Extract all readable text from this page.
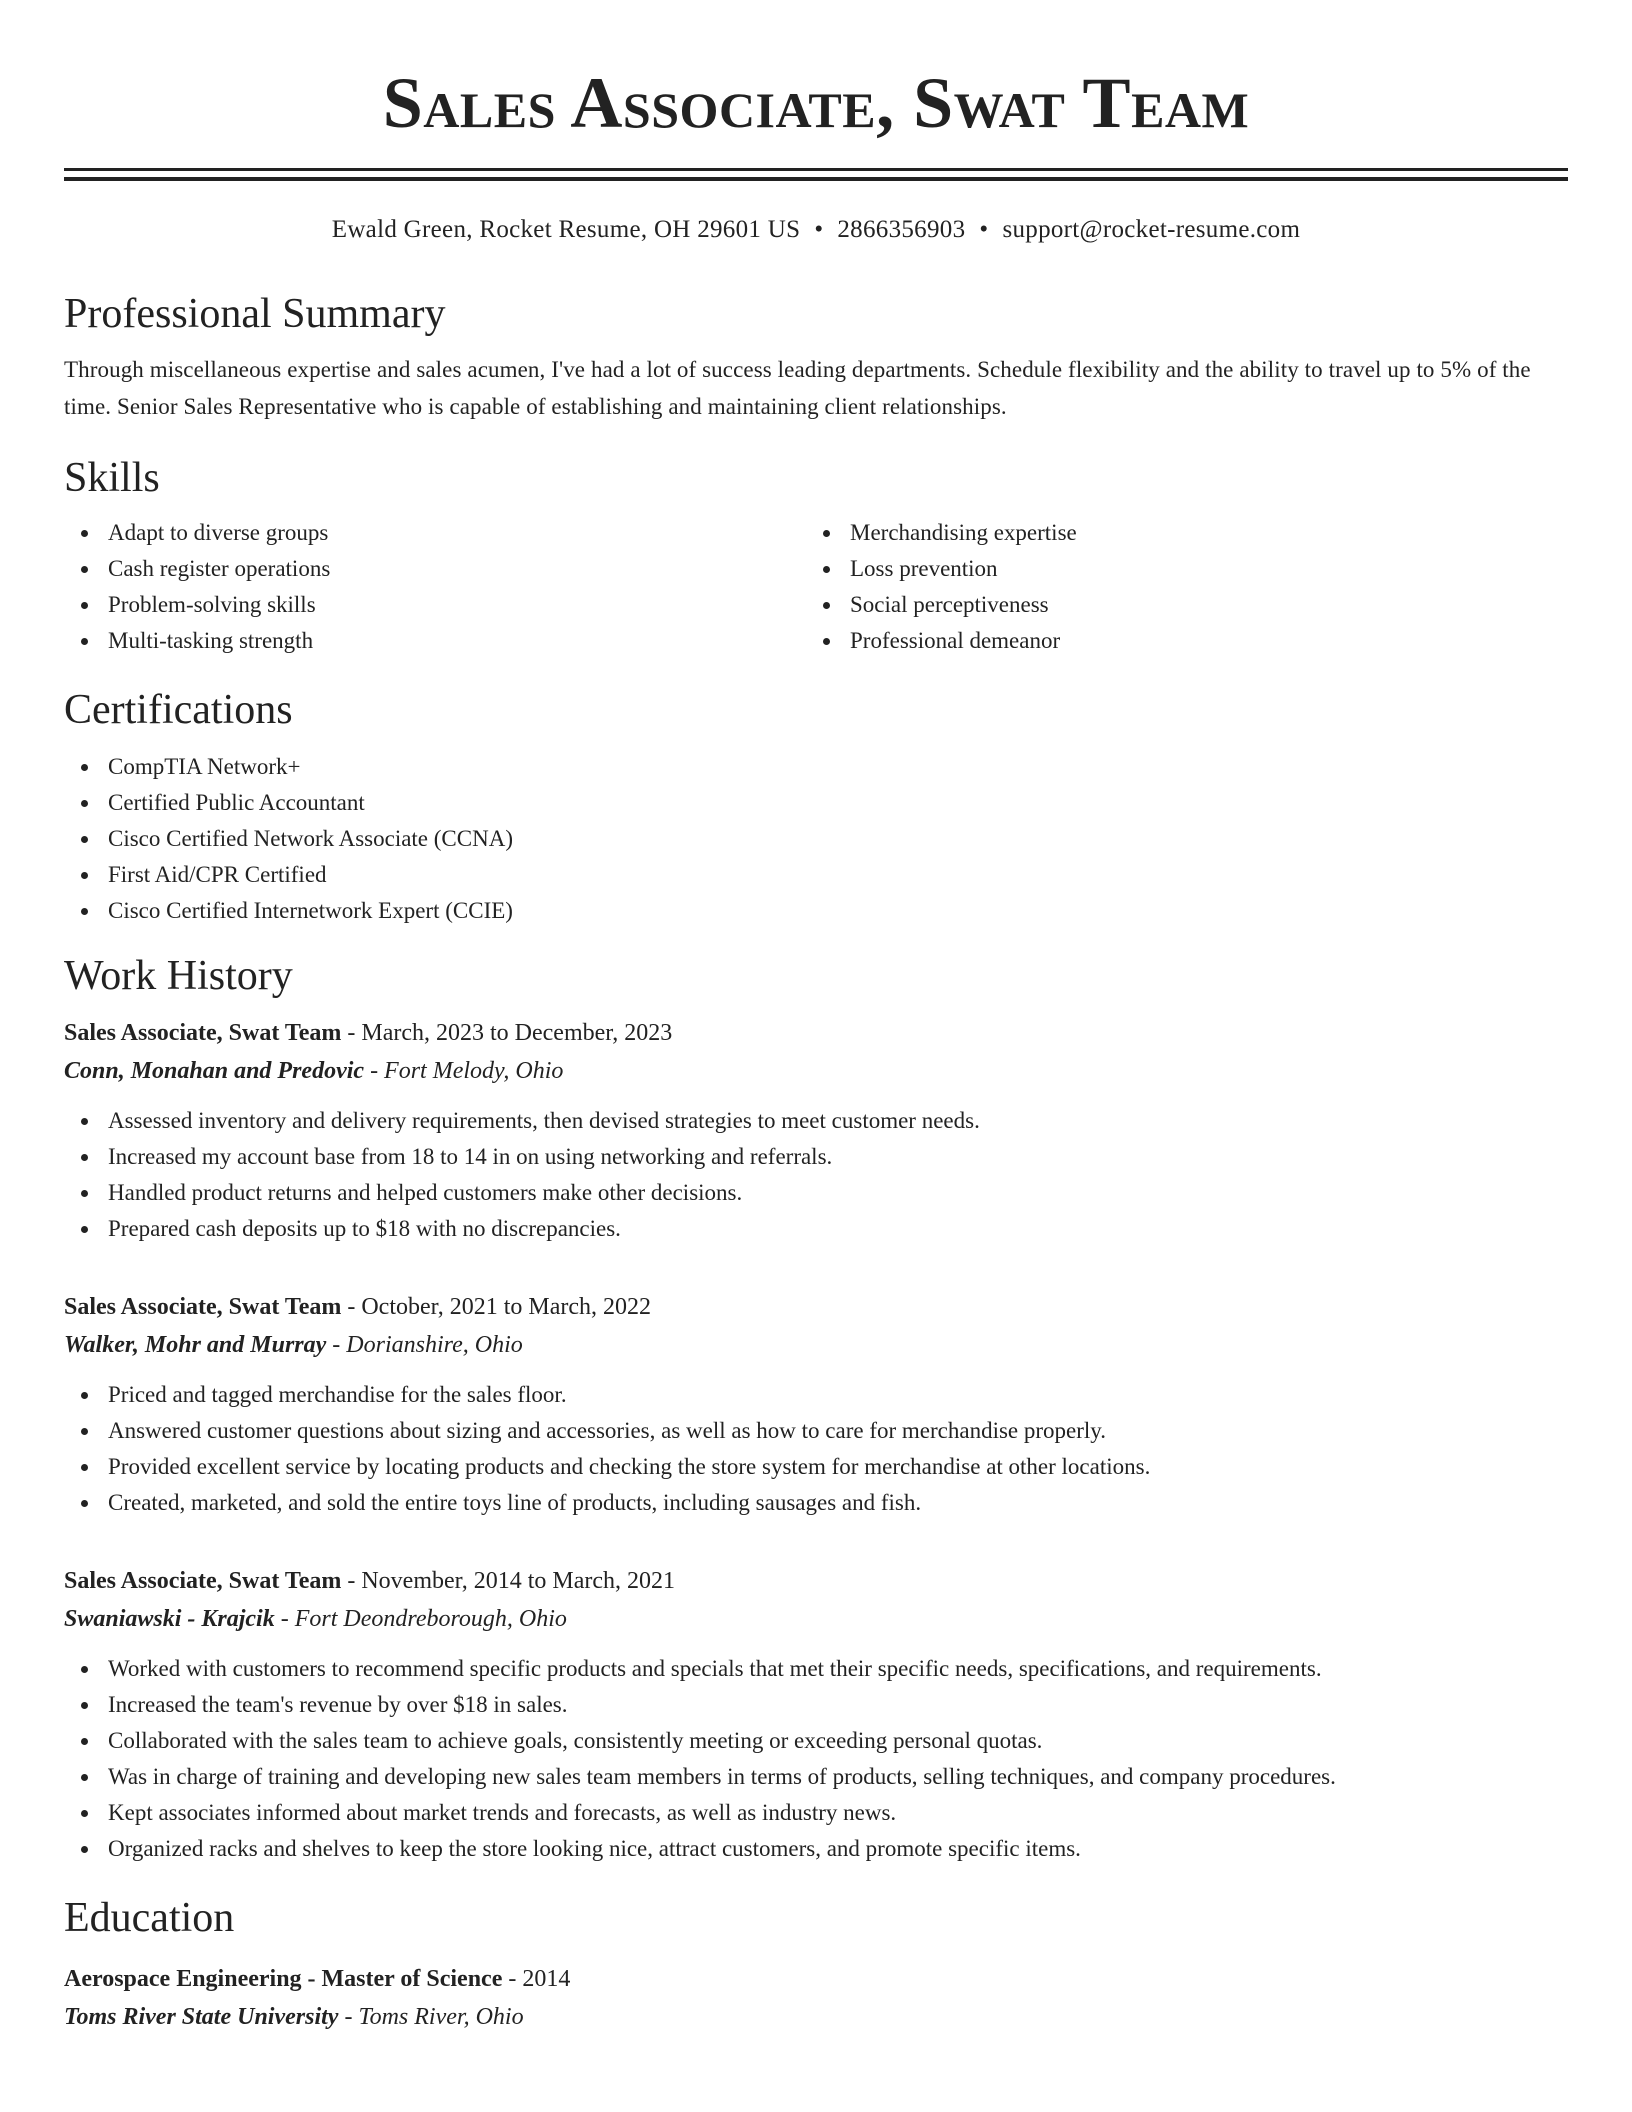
Sales Associate, Swat Team
Ewald Green, Rocket Resume, OH 29601 US • 2866356903 • support@rocket-resume.com
Professional Summary

Through miscellaneous expertise and sales acumen, I've had a lot of success leading departments. Schedule flexibility and the ability to travel up to 5% of the time. Senior Sales Representative who is capable of establishing and maintaining client relationships.

Skills
Adapt to diverse groups
Cash register operations
Problem-solving skills
Multi-tasking strength
Merchandising expertise
Loss prevention
Social perceptiveness
Professional demeanor
Certifications
CompTIA Network+
Certified Public Accountant
Cisco Certified Network Associate (CCNA)
First Aid/CPR Certified
Cisco Certified Internetwork Expert (CCIE)
Work History
Sales Associate, Swat Team - March, 2023 to December, 2023
Conn, Monahan and Predovic - Fort Melody, Ohio
Assessed inventory and delivery requirements, then devised strategies to meet customer needs.
Increased my account base from 18 to 14 in on using networking and referrals.
Handled product returns and helped customers make other decisions.
Prepared cash deposits up to $18 with no discrepancies.
Sales Associate, Swat Team - October, 2021 to March, 2022
Walker, Mohr and Murray - Dorianshire, Ohio
Priced and tagged merchandise for the sales floor.
Answered customer questions about sizing and accessories, as well as how to care for merchandise properly.
Provided excellent service by locating products and checking the store system for merchandise at other locations.
Created, marketed, and sold the entire toys line of products, including sausages and fish.
Sales Associate, Swat Team - November, 2014 to March, 2021
Swaniawski - Krajcik - Fort Deondreborough, Ohio
Worked with customers to recommend specific products and specials that met their specific needs, specifications, and requirements.
Increased the team's revenue by over $18 in sales.
Collaborated with the sales team to achieve goals, consistently meeting or exceeding personal quotas.
Was in charge of training and developing new sales team members in terms of products, selling techniques, and company procedures.
Kept associates informed about market trends and forecasts, as well as industry news.
Organized racks and shelves to keep the store looking nice, attract customers, and promote specific items.
Education
Aerospace Engineering - Master of Science - 2014
Toms River State University - Toms River, Ohio
